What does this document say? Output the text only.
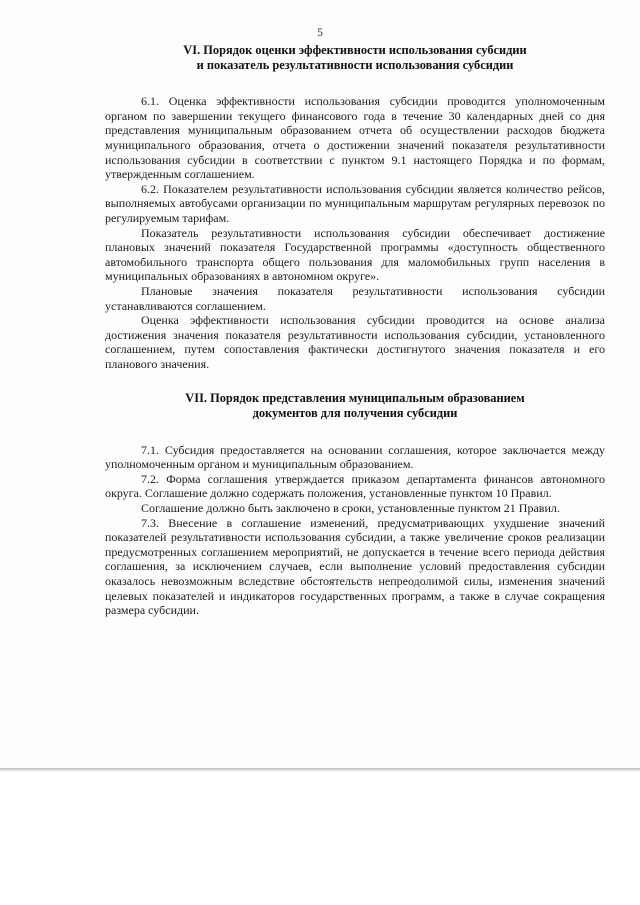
5
VI. Порядок оценки эффективности использования субсидии
и показатель результативности использования субсидии

6.1. Оценка эффективности использования субсидии проводится уполномоченным органом по завершении текущего финансового года в течение 30 календарных дней со дня представления муниципальным образованием отчета об осуществлении расходов бюджета муниципального образования, отчета о достижении значений показателя результативности использования субсидии в соответствии с пунктом 9.1 настоящего Порядка и по формам, утвержденным соглашением.

6.2. Показателем результативности использования субсидии является количество рейсов, выполняемых автобусами организации по муниципальным маршрутам регулярных перевозок по регулируемым тарифам.

Показатель результативности использования субсидии обеспечивает достижение плановых значений показателя Государственной программы «доступность общественного автомобильного транспорта общего пользования для маломобильных групп населения в муниципальных образованиях в автономном округе».

Плановые значения показателя результативности использования субсидии устанавливаются соглашением.

Оценка эффективности использования субсидии проводится на основе анализа достижения значения показателя результативности использования субсидии, установленного соглашением, путем сопоставления фактически достигнутого значения показателя и его планового значения.

VII. Порядок представления муниципальным образованием
документов для получения субсидии

7.1. Субсидия предоставляется на основании соглашения, которое заключается между уполномоченным органом и муниципальным образованием.

7.2. Форма соглашения утверждается приказом департамента финансов автономного округа. Соглашение должно содержать положения, установленные пунктом 10 Правил.

Соглашение должно быть заключено в сроки, установленные пунктом 21 Правил.

7.3. Внесение в соглашение изменений, предусматривающих ухудшение значений показателей результативности использования субсидии, а также увеличение сроков реализации предусмотренных соглашением мероприятий, не допускается в течение всего периода действия соглашения, за исключением случаев, если выполнение условий предоставления субсидии оказалось невозможным вследствие обстоятельств непреодолимой силы, изменения значений целевых показателей и индикаторов государственных программ, а также в случае сокращения размера субсидии.
